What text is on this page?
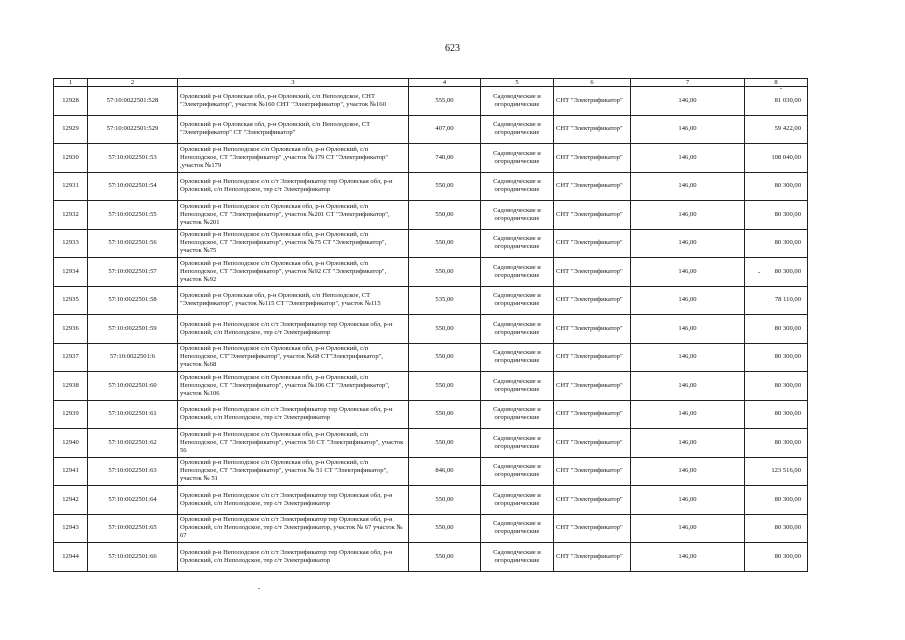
623
1	2	3	4	5	6	7	8
12928	57:10:0022501:528	Орловский р-н Орловская обл, р-н Орловский, с/п Неполодское, СНТ "Электрификатор", участок №160 СНТ "Электрификатор", участок №160	555,00	Садоводческие и огороднические	СНТ "Электрификатор"	146,00	81 030,00
12929	57:10:0022501:529	Орловский р-н Орловская обл, р-н Орловский, с/п Неполодское, СТ "Электрификатор" СТ "Электрификатор"	407,00	Садоводческие и огороднические	СНТ "Электрификатор"	146,00	59 422,00
12930	57:10:0022501:53	Орловский р-н Неполодское с/п Орловская обл, р-н Орловский, с/п Неполодское, СТ "Электрификатор" ,участок №179 СТ "Электрификатор" ,участок №179	740,00	Садоводческие и огороднические	СНТ "Электрификатор"	146,00	108 040,00
12931	57:10:0022501:54	Орловский р-н Неполодское с/п с/т Электрификатор тер Орловская обл, р-н Орловский, с/п Неполодское, тер с/т Электрификатор	550,00	Садоводческие и огороднические	СНТ "Электрификатор"	146,00	80 300,00
12932	57:10:0022501:55	Орловский р-н Неполодское с/п Орловская обл, р-н Орловский, с/п Неполодское, СТ "Электрификатор", участок №201 СТ "Электрификатор", участок №201	550,00	Садоводческие и огороднические	СНТ "Электрификатор"	146,00	80 300,00
12933	57:10:0022501:56	Орловский р-н Неполодское с/п Орловская обл, р-н Орловский, с/п Неполодское, СТ "Электрификатор", участок №75 СТ "Электрификатор", участок №75	550,00	Садоводческие и огороднические	СНТ "Электрификатор"	146,00	80 300,00
12934	57:10:0022501:57	Орловский р-н Неполодское с/п Орловская обл, р-н Орловский, с/п Неполодское, СТ "Электрификатор", участок №92 СТ "Электрификатор", участок №92	550,00	Садоводческие и огороднические	СНТ "Электрификатор"	146,00	80 300,00
12935	57:10:0022501:58	Орловский р-н Орловская обл, р-н Орловский, с/п Неполодское, СТ "Электрификатор", участок №115 СТ "Электрификатор", участок №115	535,00	Садоводческие и огороднические	СНТ "Электрификатор"	146,00	78 110,00
12936	57:10:0022501:59	Орловский р-н Неполодское с/п с/т Электрификатор тер Орловская обл, р-н Орловский, с/п Неполодское, тер с/т Электрификатор	550,00	Садоводческие и огороднические	СНТ "Электрификатор"	146,00	80 300,00
12937	57:10:0022501:6	Орловский р-н Неполодское с/п Орловская обл, р-н Орловский, с/п Неполодское, СТ"Электрификатор", участок №68 СТ"Электрификатор", участок №68	550,00	Садоводческие и огороднические	СНТ "Электрификатор"	146,00	80 300,00
12938	57:10:0022501:60	Орловский р-н Неполодское с/п Орловская обл, р-н Орловский, с/п Неполодское, СТ "Электрификатор", участок №106 СТ "Электрификатор", участок №106	550,00	Садоводческие и огороднические	СНТ "Электрификатор"	146,00	80 300,00
12939	57:10:0022501:61	Орловский р-н Неполодское с/п с/т Электрификатор тер Орловская обл, р-н Орловский, с/п Неполодское, тер с/т Электрификатор	550,00	Садоводческие и огороднические	СНТ "Электрификатор"	146,00	80 300,00
12940	57:10:0022501:62	Орловский р-н Неполодское с/п Орловская обл, р-н Орловский, с/п Неполодское, СТ "Электрификатор", участок 56 СТ "Электрификатор", участок 56	550,00	Садоводческие и огороднические	СНТ "Электрификатор"	146,00	80 300,00
12941	57:10:0022501:63	Орловский р-н Неполодское с/п Орловская обл, р-н Орловский, с/п Неполодское, СТ "Электрификатор", участок № 51 СТ "Электрификатор", участок № 51	846,00	Садоводческие и огороднические	СНТ "Электрификатор"	146,00	123 516,00
12942	57:10:0022501:64	Орловский р-н Неполодское с/п с/т Электрификатор тер Орловская обл, р-н Орловский, с/п Неполодское, тер с/т Электрификатор	550,00	Садоводческие и огороднические	СНТ "Электрификатор"	146,00	80 300,00
12943	57:10:0022501:65	Орловский р-н Неполодское с/п с/т Электрификатор тер Орловская обл, р-н Орловский, с/п Неполодское, тер с/т Электрификатор, участок № 67 участок № 67	550,00	Садоводческие и огороднические	СНТ "Электрификатор"	146,00	80 300,00
12944	57:10:0022501:66	Орловский р-н Неполодское с/п с/т Электрификатор тер Орловская обл, р-н Орловский, с/п Неполодское, тер с/т Электрификатор	550,00	Садоводческие и огороднические	СНТ "Электрификатор"	146,00	80 300,00
